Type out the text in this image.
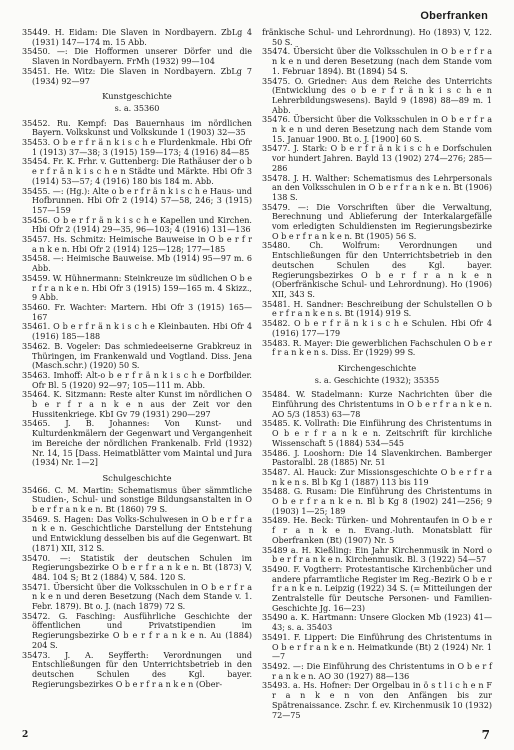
Oberfranken

35449. H. Eidam: Die Slaven in Nordbayern. ZbLg 4 (1931) 147—174 m. 15 Abb.

35450. —: Die Hofformen unserer Dörfer und die Slaven in Nordbayern. FrMh (1932) 99—104

35451. He. Witz: Die Slaven in Nordbayern. ZbLg 7 (1934) 92—97

Kunstgeschichte

s. a. 35360

35452. Ru. Kempf: Das Bauernhaus im nördlichen Bayern. Volkskunst und Volkskunde 1 (1903) 32—35

35453. O b e r f r ä n k i s c h e Flurdenkmale. Hbi Ofr 1 (1913) 37—38; 3 (1915) 159—173; 4 (1916) 84—85

35454. Fr. K. Frhr. v. Guttenberg: Die Rathäuser der o b e r f r ä n k i s c h e n Städte und Märkte. Hbi Ofr 3 (1914) 53—57; 4 (1916) 180 bis 184 m. Abb.

35455. —: (Hg.): Alte o b e r f r ä n k i s c h e Haus- und Hofbrunnen. Hbi Ofr 2 (1914) 57—58, 246; 3 (1915) 157—159

35456. O b e r f r ä n k i s c h e Kapellen und Kirchen. Hbi Ofr 2 (1914) 29—35, 96—103; 4 (1916) 131—136

35457. Hs. Schmitz: Heimische Bauweise in O b e r f r a n k e n. Hbi Ofr 2 (1914) 125—128; 177—185

35458. —: Heimische Bauweise. Mb (1914) 95—97 m. 6 Abb.

35459. W. Hühnermann: Steinkreuze im südlichen O b e r f r a n k e n. Hbi Ofr 3 (1915) 159—165 m. 4 Skizz., 9 Abb.

35460. Fr. Wachter: Martern. Hbi Ofr 3 (1915) 165—167

35461. O b e r f r ä n k i s c h e Kleinbauten. Hbi Ofr 4 (1916) 185—188

35462. B. Vogeler: Das schmiedeeiserne Grabkreuz in Thüringen, im Frankenwald und Vogtland. Diss. Jena (Masch.schr.) (1920) 50 S.

35463. Imhoff: Alt-o b e r f r ä n k i s c h e Dorfbilder. Ofr Bl. 5 (1920) 92—97; 105—111 m. Abb.

35464. K. Sitzmann: Reste alter Kunst im nördlichen O b e r f r a n k e n aus der Zeit vor den Hussitenkriege. KbI Gv 79 (1931) 290—297

35465. J. B. Johannes: Von Kunst- und Kulturdenkmälern der Gegenwart und Vergangenheit im Bereiche der nördlichen Frankenalb. Frld (1932) Nr. 14, 15 [Dass. Heimatblätter vom Maintal und Jura (1934) Nr. 1—2]

Schulgeschichte

35466. C. M. Martin: Schematismus über sämmtliche Studien-, Schul- und sonstige Bildungsanstalten in O b e r f r a n k e n. Bt (1860) 79 S.

35469. S. Hagen: Das Volks-Schulwesen in O b e r f r a n k e n. Geschichtliche Darstellung der Entstehung und Entwicklung desselben bis auf die Gegenwart. Bt (1871) XII, 312 S.

35470. —: Statistik der deutschen Schulen im Regierungsbezirke O b e r f r a n k e n. Bt (1873) V, 484. 104 S; Bt 2 (1884) V, 584. 120 S.

35471. Übersicht über die Volksschulen in O b e r f r a n k e n und deren Besetzung (Nach dem Stande v. 1. Febr. 1879). Bt o. J. (nach 1879) 72 S.

35472. G. Fasching: Ausführliche Geschichte der öffentlichen und Privatstipendien im Regierungsbezirke O b e r f r a n k e n. Au (1884) 204 S.

35473. J. A. Seyfferth: Verordnungen und Entschließungen für den Unterrichtsbetrieb in den deutschen Schulen des Kgl. bayer. Regierungsbezirkes O b e r f r a n k e n (Ober-

fränkische Schul- und Lehrordnung). Ho (1893) V, 122. 50 S.

35474. Übersicht über die Volksschulen in O b e r f r a n k e n und deren Besetzung (nach dem Stande vom 1. Februar 1894). Bt (1894) 54 S.

35475. O. Griedner: Aus dem Reiche des Unterrichts (Entwicklung des o b e r f r ä n k i s c h e n Lehrerbildungswesens). Bayld 9 (1898) 88—89 m. 1 Abb.

35476. Übersicht über die Volksschulen in O b e r f r a n k e n und deren Besetzung nach dem Stande vom 15. Januar 1900. Bt o. J. [1900] 60 S.

35477. J. Stark: O b e r f r ä n k i s c h e Dorfschulen vor hundert Jahren. Bayld 13 (1902) 274—276; 285—286

35478. J. H. Walther: Schematismus des Lehrpersonals an den Volksschulen in O b e r f r a n k e n. Bt (1906) 138 S.

35479. —: Die Vorschriften über die Verwaltung, Berechnung und Ablieferung der Interkalargefälle vom erledigten Schuldiensten im Regierungsbezirke O b e r f r a n k e n. Bt (1905) 56 S.

35480. Ch. Wolfrum: Verordnungen und Entschließungen für den Unterrichtsbetrieb in den deutschen Schulen des Kgl. bayer. Regierungsbezirkes O b e r f r a n k e n (Oberfränkische Schul- und Lehrordnung). Ho (1906) XII, 343 S.

35481. H. Sandner: Beschreibung der Schulstellen O b e r f r a n k e n s. Bt (1914) 919 S.

35482. O b e r f r ä n k i s c h e Schulen. Hbi Ofr 4 (1916) 177—179

35483. R. Mayer: Die gewerblichen Fachschulen O b e r f r a n k e n s. Diss. Er (1929) 99 S.

Kirchengeschichte

s. a. Geschichte (1932); 35355

35484. W. Stadelmann: Kurze Nachrichten über die Einführung des Christentums in O b e r f r a n k e n. AO 5/3 (1853) 63—78

35485. K. Vollrath: Die Einführung des Christentums in O b e r f r a n k e n. Zeitschrift für kirchliche Wissenschaft 5 (1884) 534—545

35486. J. Looshorn: Die 14 Slavenkirchen. Bamberger Pastoralbl. 28 (1885) Nr. 51

35487. Al. Hauck: Zur Missionsgeschichte O b e r f r a n k e n s. Bl b Kg 1 (1887) 113 bis 119

35488. G. Rusam: Die Einführung des Christentums in O b e r f r a n k e n. Bl b Kg 8 (1902) 241—256; 9 (1903) 1—25; 189

35489. He. Beck: Türken- und Mohrentaufen in O b e r f r a n k e n. Evang.-luth. Monatsblatt für Oberfranken (Bt) (1907) Nr. 5

35489 a. H. Kießling: Ein Jahr Kirchenmusik in Nord o b e r f r a n k e n. Kirchenmusik. Bl. 3 (1922) 54—57

35490. F. Vogtherr: Protestantische Kirchenbücher und andere pfarramtliche Register im Reg.-Bezirk O b e r f r a n k e n. Leipzig (1922) 34 S. (= Mitteilungen der Zentralstelle für Deutsche Personen- und Familien-Geschichte Jg. 16—23)

35490 a. K. Hartmann: Unsere Glocken Mb (1923) 41—43; s. a. 35403

35491. F. Lippert: Die Einführung des Christentums in O b e r f r a n k e n. Heimatkunde (Bt) 2 (1924) Nr. 1—7

35492. —: Die Einführung des Christentums in O b e r f r a n k e n. AO 30 (1927) 88—136

35493. a. Hs. Hofner: Der Orgelbau in ö s t l i c h e n F r a n k e n von den Anfängen bis zur Spätrenaissance. Zschr. f. ev. Kirchenmusik 10 (1932) 72—75

2	7
